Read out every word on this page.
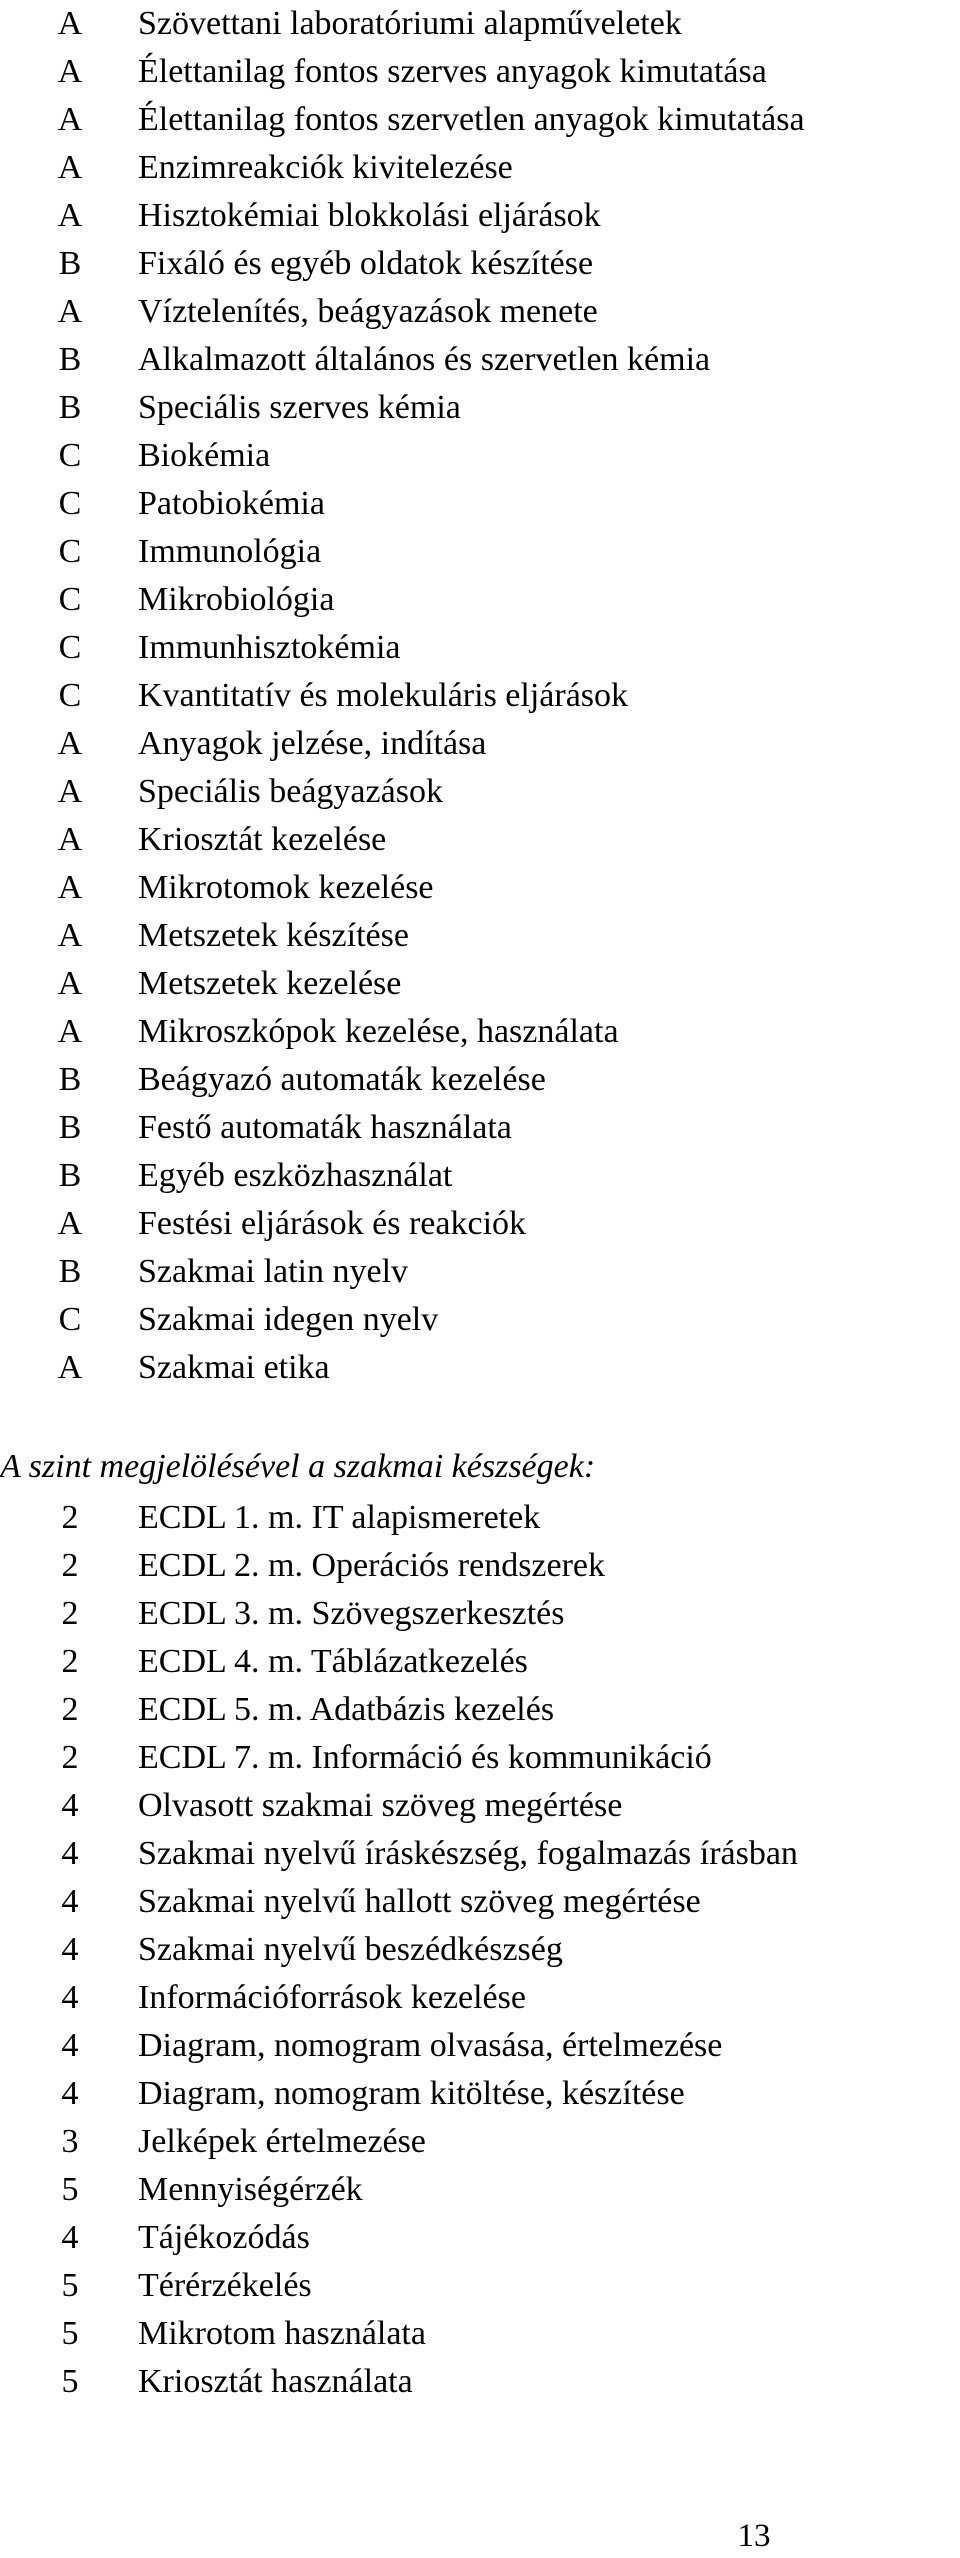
A Szövettani laboratóriumi alapműveletek
A Élettanilag fontos szerves anyagok kimutatása
A Élettanilag fontos szervetlen anyagok kimutatása
A Enzimreakciók kivitelezése
A Hisztokémiai blokkolási eljárások
B Fixáló és egyéb oldatok készítése
A Víztelenítés, beágyazások menete
B Alkalmazott általános és szervetlen kémia
B Speciális szerves kémia
C Biokémia
C Patobiokémia
C Immunológia
C Mikrobiológia
C Immunhisztokémia
C Kvantitatív és molekuláris eljárások
A Anyagok jelzése, indítása
A Speciális beágyazások
A Kriosztát kezelése
A Mikrotomok kezelése
A Metszetek készítése
A Metszetek kezelése
A Mikroszkópok kezelése, használata
B Beágyazó automaták kezelése
B Festő automaták használata
B Egyéb eszközhasználat
A Festési eljárások és reakciók
B Szakmai latin nyelv
C Szakmai idegen nyelv
A Szakmai etika
A szint megjelölésével a szakmai készségek:
2 ECDL 1. m. IT alapismeretek
2 ECDL 2. m. Operációs rendszerek
2 ECDL 3. m. Szövegszerkesztés
2 ECDL 4. m. Táblázatkezelés
2 ECDL 5. m. Adatbázis kezelés
2 ECDL 7. m. Információ és kommunikáció
4 Olvasott szakmai szöveg megértése
4 Szakmai nyelvű íráskészség, fogalmazás írásban
4 Szakmai nyelvű hallott szöveg megértése
4 Szakmai nyelvű beszédkészség
4 Információforrások kezelése
4 Diagram, nomogram olvasása, értelmezése
4 Diagram, nomogram kitöltése, készítése
3 Jelképek értelmezése
5 Mennyiségérzék
4 Tájékozódás
5 Térérzékelés
5 Mikrotom használata
5 Kriosztát használata
13
